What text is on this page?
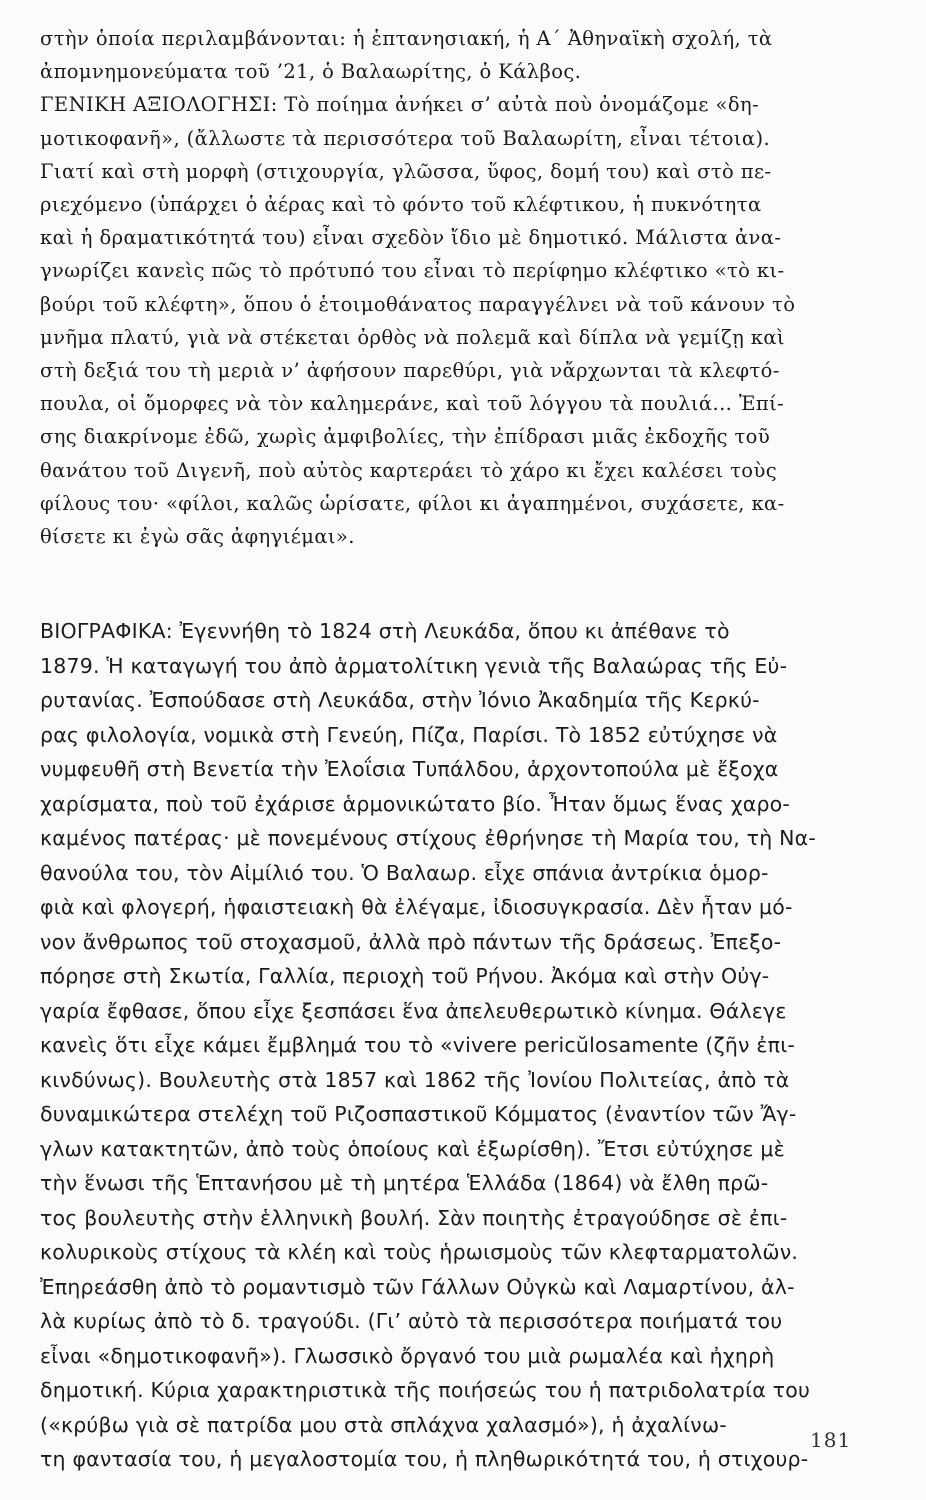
στὴν ὁποία περιλαμβάνονται: ἡ ἑπτανησιακή, ἡ Α΄ Ἀθηναϊκὴ σχολή, τὰ
ἀπομνημονεύματα τοῦ ’21, ὁ Βαλαωρίτης, ὁ Κάλβος.
ΓΕΝΙΚΗ ΑΞΙΟΛΟΓΗΣΙ: Τὸ ποίημα ἀνήκει σ’ αὐτὰ ποὺ ὀνομάζομε «δη-
μοτικοφανῆ», (ἄλλωστε τὰ περισσότερα τοῦ Βαλαωρίτη, εἶναι τέτοια).
Γιατί καὶ στὴ μορφὴ (στιχουργία, γλῶσσα, ὕφος, δομή του) καὶ στὸ πε-
ριεχόμενο (ὑπάρχει ὁ ἀέρας καὶ τὸ φόντο τοῦ κλέφτικου, ἡ πυκνότητα
καὶ ἡ δραματικότητά του) εἶναι σχεδὸν ἴδιο μὲ δημοτικό. Μάλιστα ἀνα-
γνωρίζει κανεὶς πῶς τὸ πρότυπό του εἶναι τὸ περίφημο κλέφτικο «τὸ κι-
βούρι τοῦ κλέφτη», ὅπου ὁ ἑτοιμοθάνατος παραγγέλνει νὰ τοῦ κάνουν τὸ
μνῆμα πλατύ, γιὰ νὰ στέκεται ὀρθὸς νὰ πολεμᾶ καὶ δίπλα νὰ γεμίζῃ καὶ
στὴ δεξιά του τὴ μεριὰ ν’ ἀφήσουν παρεθύρι, γιὰ νἄρχωνται τὰ κλεφτό-
πουλα, οἱ ὄμορφες νὰ τὸν καλημεράνε, καὶ τοῦ λόγγου τὰ πουλιά... Ἐπί-
σης διακρίνομε ἐδῶ, χωρὶς ἀμφιβολίες, τὴν ἐπίδρασι μιᾶς ἐκδοχῆς τοῦ
θανάτου τοῦ Διγενῆ, ποὺ αὐτὸς καρτεράει τὸ χάρο κι ἔχει καλέσει τοὺς
φίλους του· «φίλοι, καλῶς ὡρίσατε, φίλοι κι ἀγαπημένοι, συχάσετε, κα-
θίσετε κι ἐγὼ σᾶς ἀφηγιέμαι».
ΒΙΟΓΡΑΦΙΚΑ: Ἐγεννήθη τὸ 1824 στὴ Λευκάδα, ὅπου κι ἀπέθανε τὸ
1879. Ἡ καταγωγή του ἀπὸ ἁρματολίτικη γενιὰ τῆς Βαλαώρας τῆς Εὐ-
ρυτανίας. Ἐσπούδασε στὴ Λευκάδα, στὴν Ἰόνιο Ἀκαδημία τῆς Κερκύ-
ρας φιλολογία, νομικὰ στὴ Γενεύη, Πίζα, Παρίσι. Τὸ 1852 εὐτύχησε νὰ
νυμφευθῆ στὴ Βενετία τὴν Ἐλοΐσια Τυπάλδου, ἀρχοντοπούλα μὲ ἔξοχα
χαρίσματα, ποὺ τοῦ ἐχάρισε ἁρμονικώτατο βίο. Ἦταν ὅμως ἕνας χαρο-
καμένος πατέρας· μὲ πονεμένους στίχους ἐθρήνησε τὴ Μαρία του, τὴ Να-
θανούλα του, τὸν Αἰμίλιό του. Ὁ Βαλαωρ. εἶχε σπάνια ἀντρίκια ὁμορ-
φιὰ καὶ φλογερή, ἡφαιστειακὴ θὰ ἐλέγαμε, ἰδιοσυγκρασία. Δὲν ἦταν μό-
νον ἄνθρωπος τοῦ στοχασμοῦ, ἀλλὰ πρὸ πάντων τῆς δράσεως. Ἐπεξο-
πόρησε στὴ Σκωτία, Γαλλία, περιοχὴ τοῦ Ρήνου. Ἀκόμα καὶ στὴν Οὐγ-
γαρία ἔφθασε, ὅπου εἶχε ξεσπάσει ἕνα ἀπελευθερωτικὸ κίνημα. Θάλεγε
κανεὶς ὅτι εἶχε κάμει ἔμβλημά του τὸ «vivere pericŭlosamente (ζῆν ἐπι-
κινδύνως). Βουλευτὴς στὰ 1857 καὶ 1862 τῆς Ἰονίου Πολιτείας, ἀπὸ τὰ
δυναμικώτερα στελέχη τοῦ Ριζοσπαστικοῦ Κόμματος (ἐναντίον τῶν Ἄγ-
γλων κατακτητῶν, ἀπὸ τοὺς ὁποίους καὶ ἐξωρίσθη). Ἔτσι εὐτύχησε μὲ
τὴν ἕνωσι τῆς Ἑπτανήσου μὲ τὴ μητέρα Ἑλλάδα (1864) νὰ ἔλθη πρῶ-
τος βουλευτὴς στὴν ἑλληνικὴ βουλή. Σὰν ποιητὴς ἐτραγούδησε σὲ ἐπι-
κολυρικοὺς στίχους τὰ κλέη καὶ τοὺς ἡρωισμοὺς τῶν κλεφταρματολῶν.
Ἐπηρεάσθη ἀπὸ τὸ ρομαντισμὸ τῶν Γάλλων Οὐγκὼ καὶ Λαμαρτίνου, ἀλ-
λὰ κυρίως ἀπὸ τὸ δ. τραγούδι. (Γι’ αὐτὸ τὰ περισσότερα ποιήματά του
εἶναι «δημοτικοφανῆ»). Γλωσσικὸ ὄργανό του μιὰ ρωμαλέα καὶ ἠχηρὴ
δημοτική. Κύρια χαρακτηριστικὰ τῆς ποιήσεώς του ἡ πατριδολατρία του
(«κρύβω γιὰ σὲ πατρίδα μου στὰ σπλάχνα χαλασμό»), ἡ ἀχαλίνω-
τη φαντασία του, ἡ μεγαλοστομία του, ἡ πληθωρικότητά του, ἡ στιχουρ-
181
